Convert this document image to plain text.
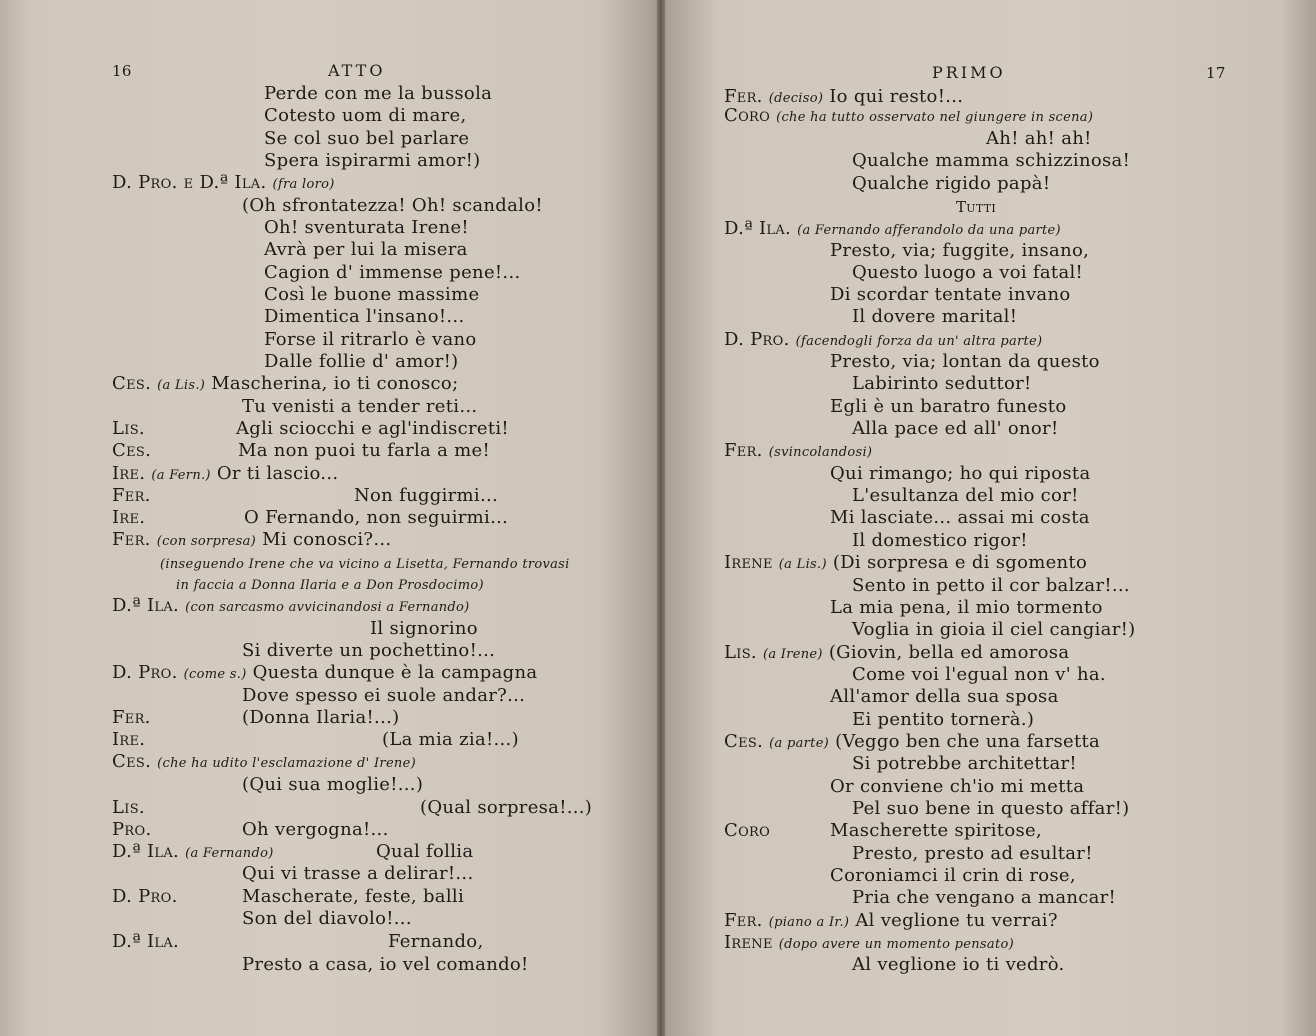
16	ATTO
Perde con me la bussola
Cotesto uom di mare,
Se col suo bel parlare
Spera ispirarmi amor!)
D. Pro. e D.ª Ila. (fra loro)
(Oh sfrontatezza! Oh! scandalo!
Oh! sventurata Irene!
Avrà per lui la misera
Cagion d' immense pene!...
Così le buone massime
Dimentica l'insano!...
Forse il ritrarlo è vano
Dalle follie d' amor!)
Ces. (a Lis.) Mascherina, io ti conosco;
Tu venisti a tender reti...
Lis.	Agli sciocchi e agl'indiscreti!
Ces.	Ma non puoi tu farla a me!
Ire. (a Fern.) Or ti lascio...
Fer.	Non fuggirmi...
Ire.	O Fernando, non seguirmi...
Fer. (con sorpresa) Mi conosci?...
(inseguendo Irene che va vicino a Lisetta, Fernando trovasi
in faccia a Donna Ilaria e a Don Prosdocimo)
D.ª Ila. (con sarcasmo avvicinandosi a Fernando)
Il signorino
Si diverte un pochettino!...
D. Pro. (come s.) Questa dunque è la campagna
Dove spesso ei suole andar?...
Fer.	(Donna Ilaria!...)
Ire.	(La mia zia!...)
Ces. (che ha udito l'esclamazione d' Irene)
(Qui sua moglie!...)
Lis.	(Qual sorpresa!...)
Pro.	Oh vergogna!...
D.ª Ila. (a Fernando)	Qual follia
Qui vi trasse a delirar!...
D. Pro.	Mascherate, feste, balli
Son del diavolo!...
D.ª Ila.	Fernando,
Presto a casa, io vel comando!
PRIMO	17
Fer. (deciso) Io qui resto!...
Coro (che ha tutto osservato nel giungere in scena)
Ah! ah! ah!
Qualche mamma schizzinosa!
Qualche rigido papà!
Tutti
D.ª Ila. (a Fernando afferandolo da una parte)
Presto, via; fuggite, insano,
Questo luogo a voi fatal!
Di scordar tentate invano
Il dovere marital!
D. Pro. (facendogli forza da un' altra parte)
Presto, via; lontan da questo
Labirinto seduttor!
Egli è un baratro funesto
Alla pace ed all' onor!
Fer. (svincolandosi)
Qui rimango; ho qui riposta
L'esultanza del mio cor!
Mi lasciate... assai mi costa
Il domestico rigor!
Irene (a Lis.) (Di sorpresa e di sgomento
Sento in petto il cor balzar!...
La mia pena, il mio tormento
Voglia in gioia il ciel cangiar!)
Lis. (a Irene) (Giovin, bella ed amorosa
Come voi l'egual non v' ha.
All'amor della sua sposa
Ei pentito tornerà.)
Ces. (a parte) (Veggo ben che una farsetta
Si potrebbe architettar!
Or conviene ch'io mi metta
Pel suo bene in questo affar!)
Coro	Mascherette spiritose,
Presto, presto ad esultar!
Coroniamci il crin di rose,
Pria che vengano a mancar!
Fer. (piano a Ir.) Al veglione tu verrai?
Irene (dopo avere un momento pensato)
Al veglione io ti vedrò.
